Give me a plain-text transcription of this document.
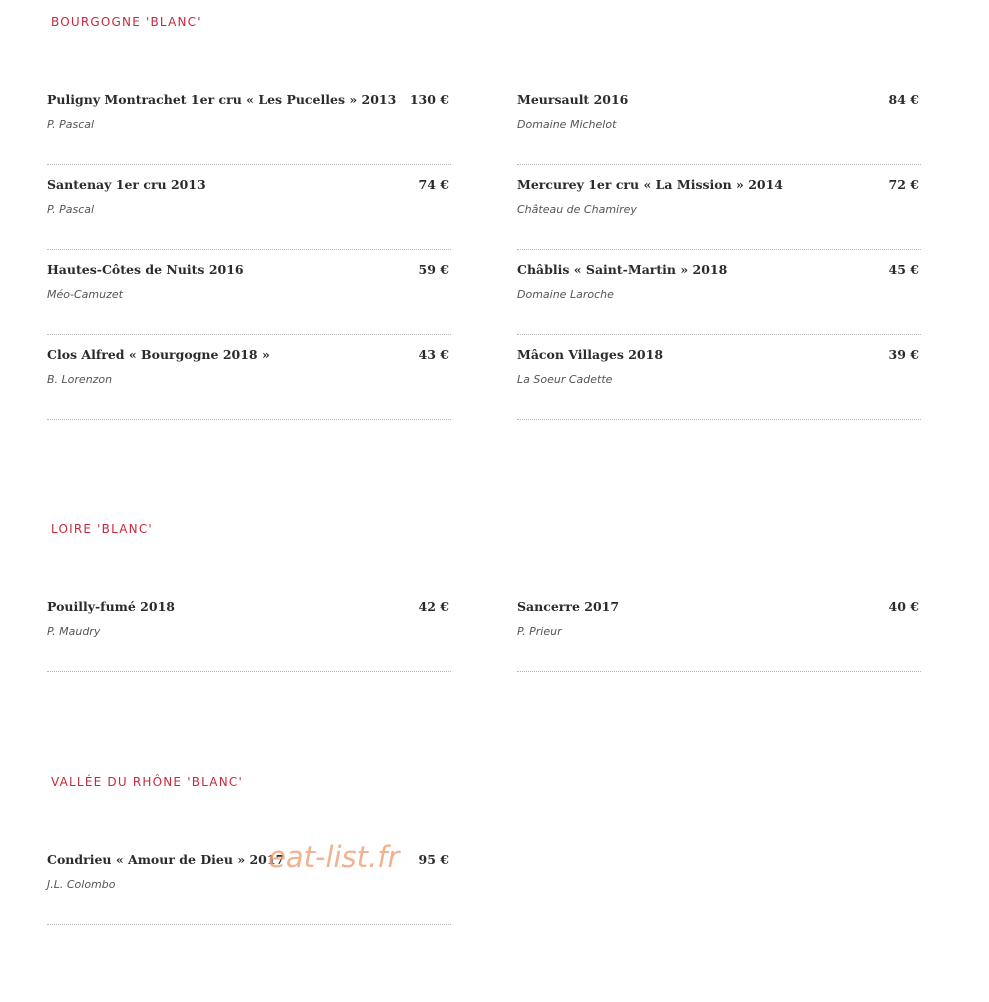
BOURGOGNE 'BLANC'
Puligny Montrachet 1er cru « Les Pucelles » 2013 130 €
P. Pascal
Meursault 2016	84 €
Domaine Michelot
Santenay 1er cru 2013	74 €
P. Pascal
Mercurey 1er cru « La Mission » 2014	72 €
Château de Chamirey
Hautes-Côtes de Nuits 2016	59 €
Méo-Camuzet
Châblis « Saint-Martin » 2018	45 €
Domaine Laroche
Clos Alfred « Bourgogne 2018 »	43 €
B. Lorenzon
Mâcon Villages 2018	39 €
La Soeur Cadette
LOIRE 'BLANC'
Pouilly-fumé 2018	42 €
P. Maudry
Sancerre 2017	40 €
P. Prieur
VALLÉE DU RHÔNE 'BLANC'
Condrieu « Amour de Dieu » 2017	95 €
J.L. Colombo
eat-list.fr
